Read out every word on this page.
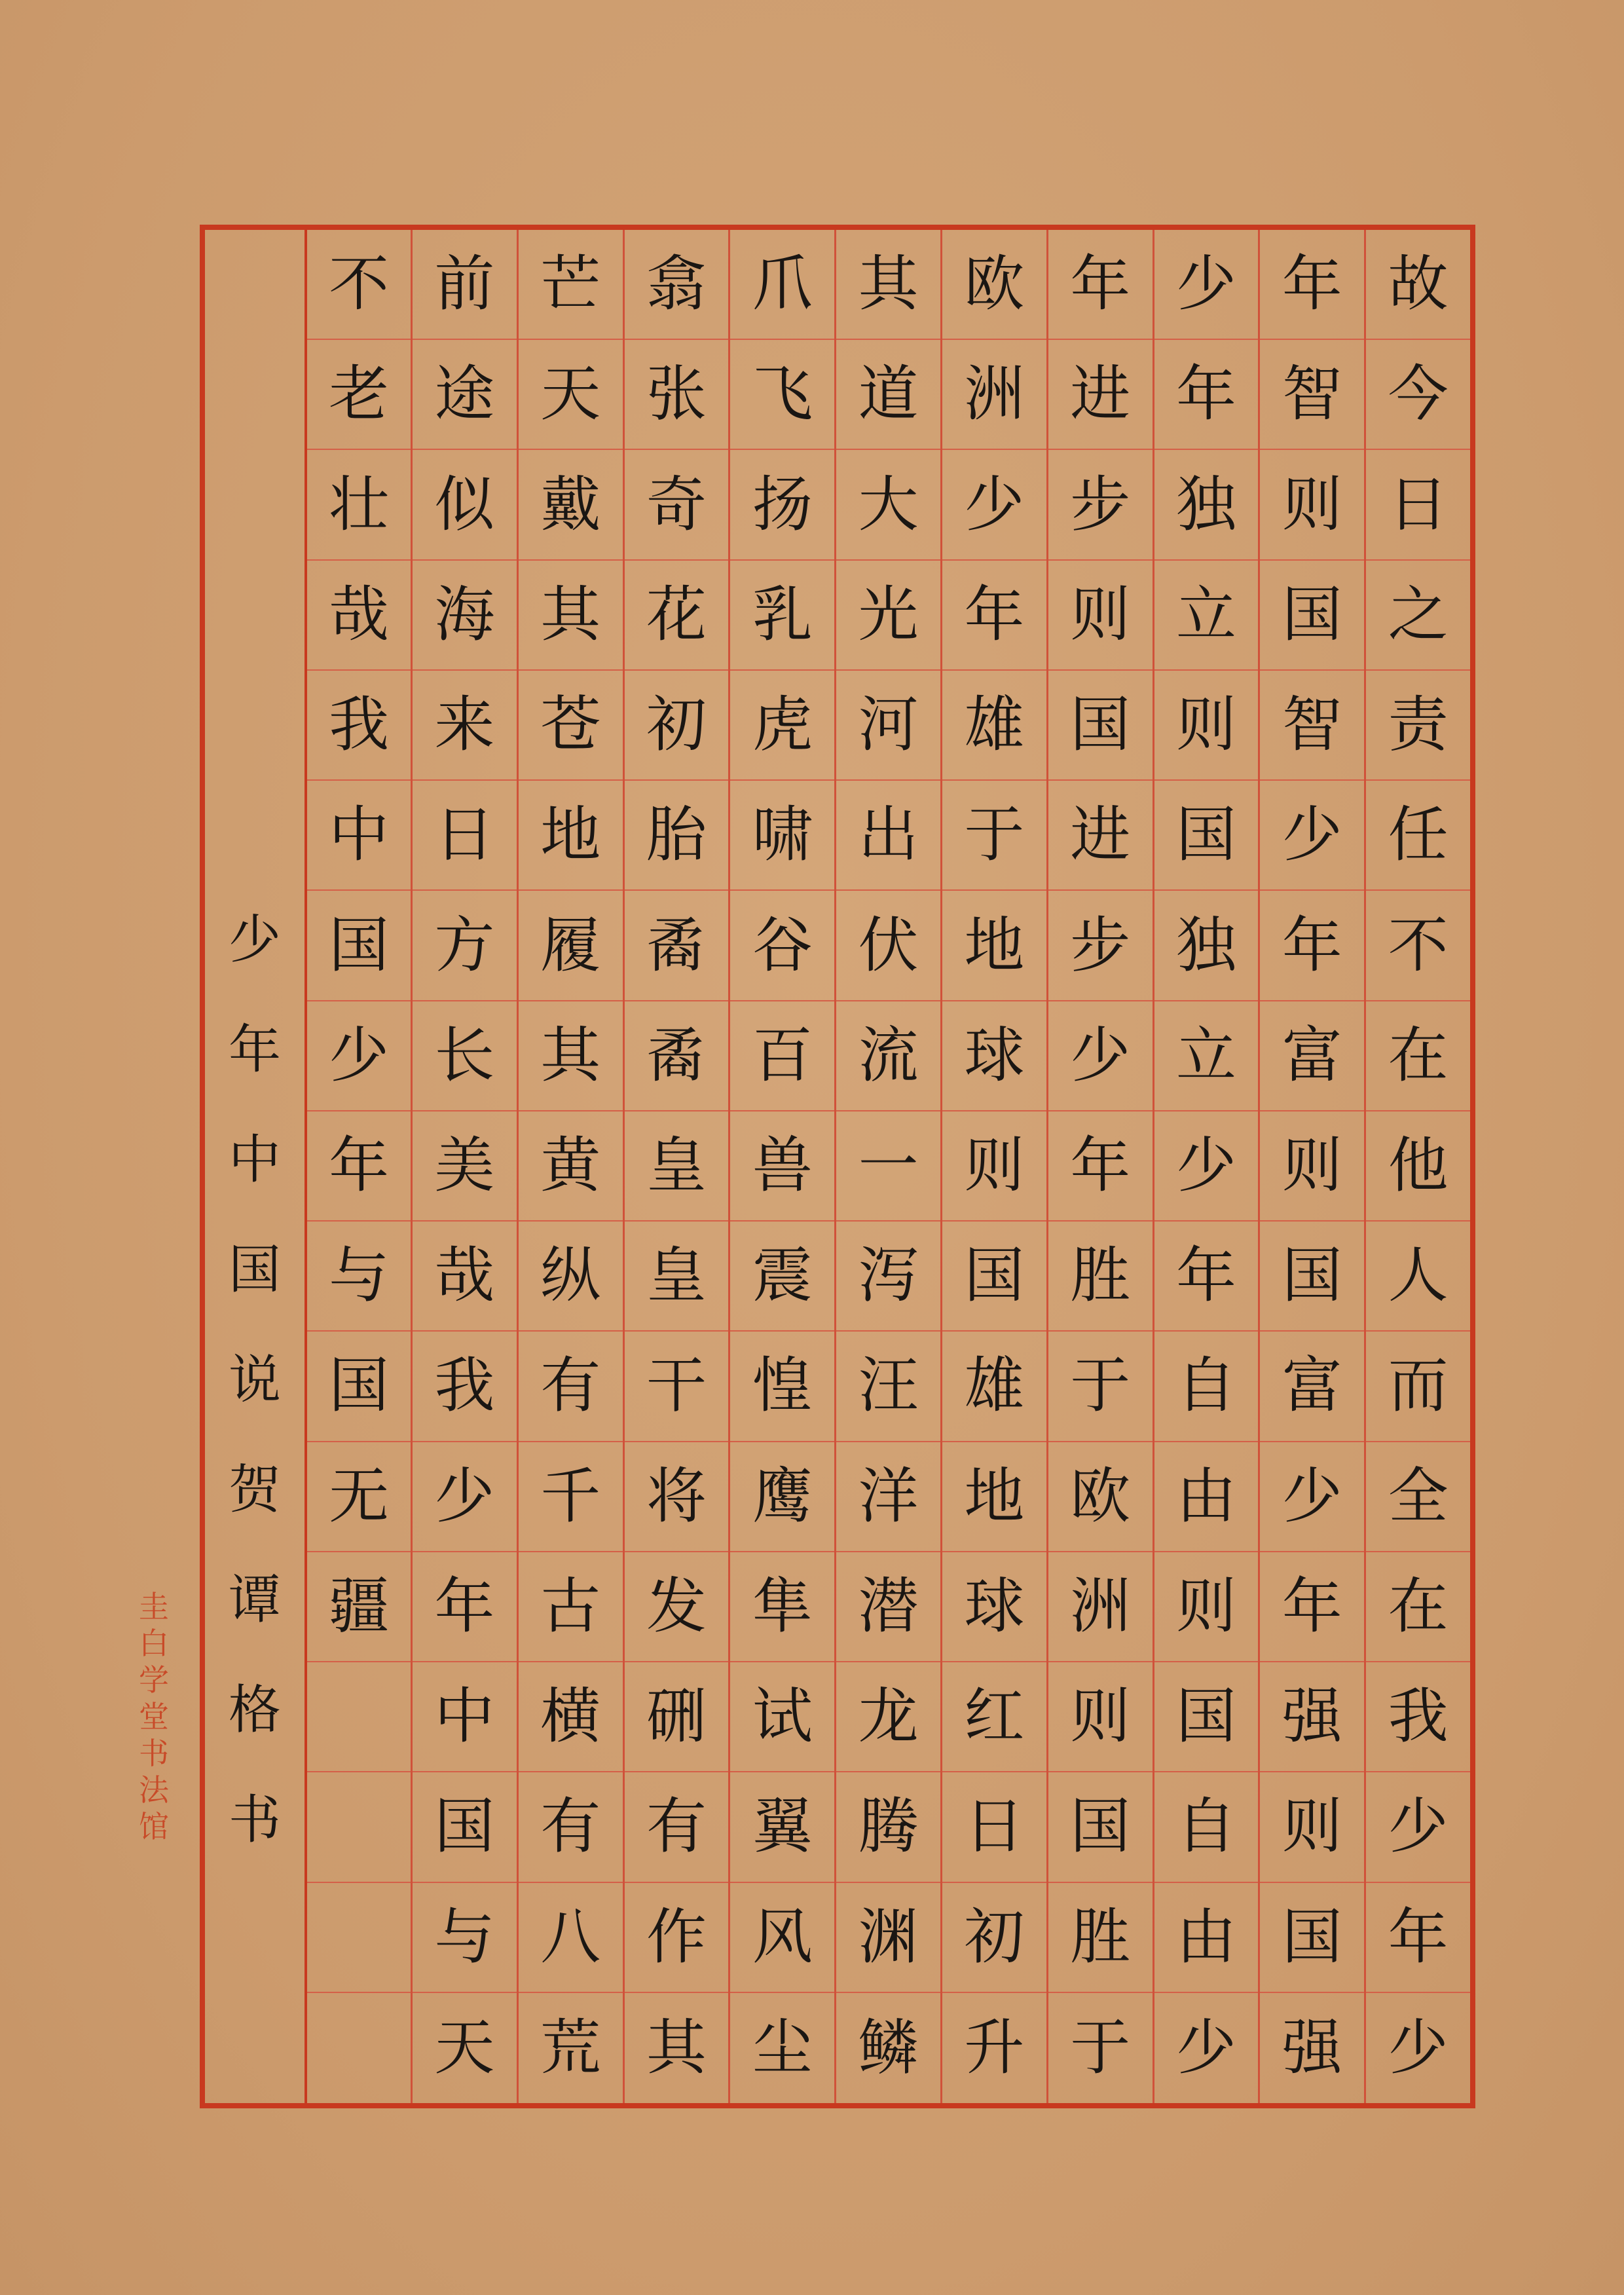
故
今
日
之
责
任
不
在
他
人
而
全
在
我
少
年
少
年
智
则
国
智
少
年
富
则
国
富
少
年
强
则
国
强
少
年
独
立
则
国
独
立
少
年
自
由
则
国
自
由
少
年
进
步
则
国
进
步
少
年
胜
于
欧
洲
则
国
胜
于
欧
洲
少
年
雄
于
地
球
则
国
雄
地
球
红
日
初
升
其
道
大
光
河
出
伏
流
一
泻
汪
洋
潜
龙
腾
渊
鳞
爪
飞
扬
乳
虎
啸
谷
百
兽
震
惶
鹰
隼
试
翼
风
尘
翕
张
奇
花
初
胎
矞
矞
皇
皇
干
将
发
硎
有
作
其
芒
天
戴
其
苍
地
履
其
黄
纵
有
千
古
横
有
八
荒
前
途
似
海
来
日
方
长
美
哉
我
少
年
中
国
与
天
不
老
壮
哉
我
中
国
少
年
与
国
无
疆
少
年
中
国
说
贺
谭
格
书
圭
白
学
堂
书
法
馆
